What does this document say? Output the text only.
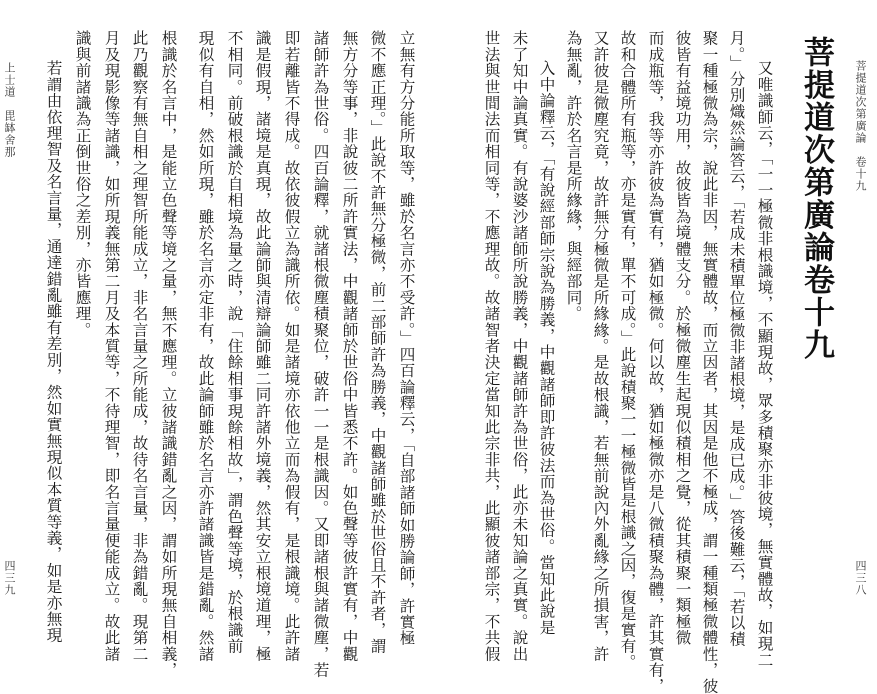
菩提道次第廣論　卷十九
四三八
菩提道次第廣論卷十九
又唯識師云，「一一極微非根識境，不顯現故，眾多積聚亦非彼境，無實體故，如現二
月。」分別熾然論答云，「若成未積單位極微非諸根境，是成已成。」答後難云，「若以積
聚一種極微為宗，說此非因，無實體故，而立因者，其因是他不極成，謂一種類極微體性，彼
彼皆有益境功用，故彼皆為境體支分。於極微塵生起現似積相之覺，從其積聚一類極微
而成瓶等，我等亦許彼為實有，猶如極微。何以故，猶如極微亦是八微積聚為體，許其實有，
故和合體所有瓶等，亦是實有，單不可成。」此說積聚一一極微皆是根識之因，復是實有。
又許彼是微塵究竟，故許無分極微是所緣緣。是故根識，若無前說內外亂緣之所損害，許
為無亂，許於名言是所緣緣，與經部同。
入中論釋云，「有說經部師宗說為勝義，中觀諸師即許彼法而為世俗。當知此說是
未了知中論真實。有說婆沙諸師所說勝義，中觀諸師許為世俗，此亦未知論之真實。說出
世法與世間法而相同等，不應理故。故諸智者決定當知此宗非共，此顯彼諸部宗，不共假
上士道　毘缽舍那
四三九	立無有方分能所取等，雖於名言亦不受許。」四百論釋云，「自部諸師如勝論師，許實極
微不應正理。」此說不許無分極微，前二部師許為勝義，中觀諸師雖於世俗且不許者，謂
無方分等事，非說彼二所許實法，中觀諸師於世俗中皆悉不許。如色聲等彼許實有，中觀
諸師許為世俗。四百論釋，就諸根微塵積聚位，破許一一是根識因。又即諸根與諸微塵，若
即若離皆不得成。故依彼假立為識所依。如是諸境亦依他立而為假有，是根識境。此許諸
識是假現，諸境是真現，故此論師與清辯論師雖二同許諸外境義，然其安立根境道理，極
不相同。前破根識於自相境為量之時，說「住餘相事現餘相故」，謂色聲等境，於根識前
現似有自相，然如所現，雖於名言亦定非有，故此論師雖於名言亦許諸識皆是錯亂。然諸
根識於名言中，是能立色聲等境之量，無不應理。立彼諸識錯亂之因，謂如所現無自相義，
此乃觀察有無自相之理智所能成立，非名言量之所能成，故待名言量，非為錯亂。現第二
月及現影像等諸識，如所現義無第二月及本質等，不待理智，即名言量便能成立。故此諸
識與前諸識為正倒世俗之差別，亦皆應理。
若謂由依理智及名言量，通達錯亂雖有差別，然如實無現似本質等義，如是亦無現
